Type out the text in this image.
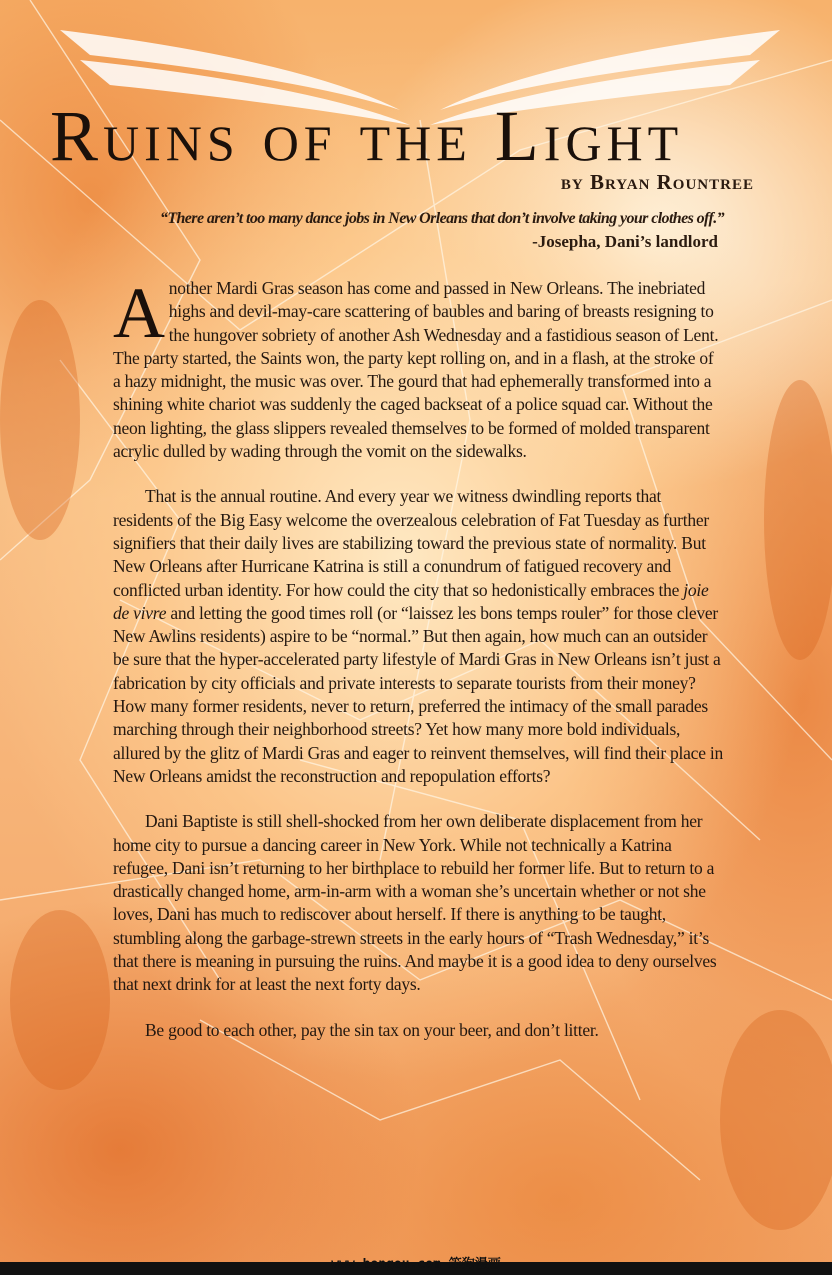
Ruins of the Light

by Bryan Rountree

“There aren’t too many dance jobs in New Orleans that don’t involve taking your clothes off.”

-Josepha, Dani’s landlord

Another Mardi Gras season has come and passed in New Orleans. The inebriated highs and devil-may-care scattering of baubles and baring of breasts resigning to the hungover sobriety of another Ash Wednesday and a fastidious season of Lent. The party started, the Saints won, the party kept rolling on, and in a flash, at the stroke of a hazy midnight, the music was over. The gourd that had ephemerally transformed into a shining white chariot was suddenly the caged backseat of a police squad car. Without the neon lighting, the glass slippers revealed themselves to be formed of molded transparent acrylic dulled by wading through the vomit on the sidewalks.

That is the annual routine. And every year we witness dwindling reports that residents of the Big Easy welcome the overzealous celebration of Fat Tuesday as further signifiers that their daily lives are stabilizing toward the previous state of normality. But New Orleans after Hurricane Katrina is still a conundrum of fatigued recovery and conflicted urban identity. For how could the city that so hedonistically embraces the joie de vivre and letting the good times roll (or “laissez les bons temps rouler” for those clever New Awlins residents) aspire to be “normal.” But then again, how much can an outsider be sure that the hyper-accelerated party lifestyle of Mardi Gras in New Orleans isn’t just a fabrication by city officials and private interests to separate tourists from their money? How many former residents, never to return, preferred the intimacy of the small parades marching through their neighborhood streets? Yet how many more bold individuals, allured by the glitz of Mardi Gras and eager to reinvent themselves, will find their place in New Orleans amidst the reconstruction and repopulation efforts?

Dani Baptiste is still shell-shocked from her own deliberate displacement from her home city to pursue a dancing career in New York. While not technically a Katrina refugee, Dani isn’t returning to her birthplace to rebuild her former life. But to return to a drastically changed home, arm-in-arm with a woman she’s uncertain whether or not she loves, Dani has much to rediscover about herself. If there is anything to be taught, stumbling along the garbage-strewn streets in the early hours of “Trash Wednesday,” it’s that there is meaning in pursuing the ruins. And maybe it is a good idea to deny ourselves that next drink for at least the next forty days.

Be good to each other, pay the sin tax on your beer, and don’t litter.

www.bengou.com 笨狗漫画
